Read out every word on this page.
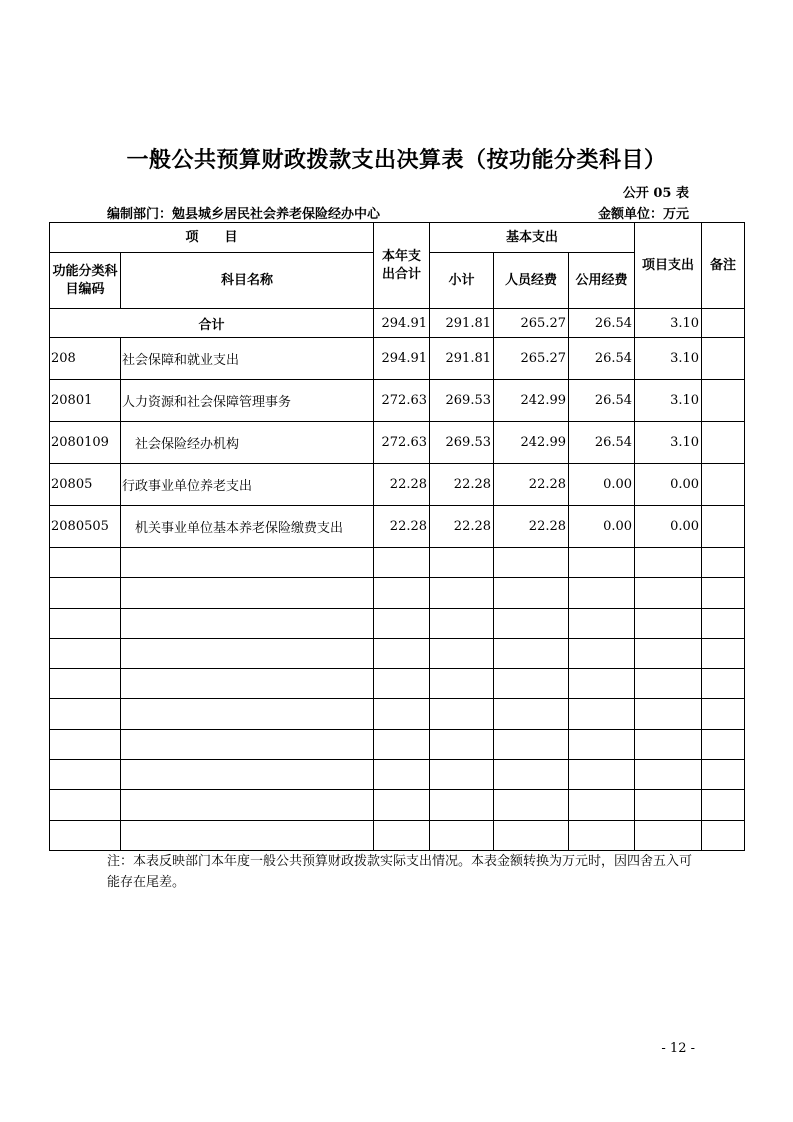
一般公共预算财政拨款支出决算表（按功能分类科目）
公开 05 表
编制部门：勉县城乡居民社会养老保险经办中心	金额单位：万元
项　　目		本年支出合计	基本支出			项目支出	备注
功能分类科目编码	科目名称		小计	人员经费	公用经费		
合计		294.91	291.81	265.27	26.54	3.10	
208	社会保障和就业支出	294.91	291.81	265.27	26.54	3.10	
20801	人力资源和社会保障管理事务	272.63	269.53	242.99	26.54	3.10	
2080109	社会保险经办机构	272.63	269.53	242.99	26.54	3.10	
20805	行政事业单位养老支出	22.28	22.28	22.28	0.00	0.00	
2080505	机关事业单位基本养老保险缴费支出	22.28	22.28	22.28	0.00	0.00	

注：本表反映部门本年度一般公共预算财政拨款实际支出情况。本表金额转换为万元时，因四舍五入可能存在尾差。
- 12 -
